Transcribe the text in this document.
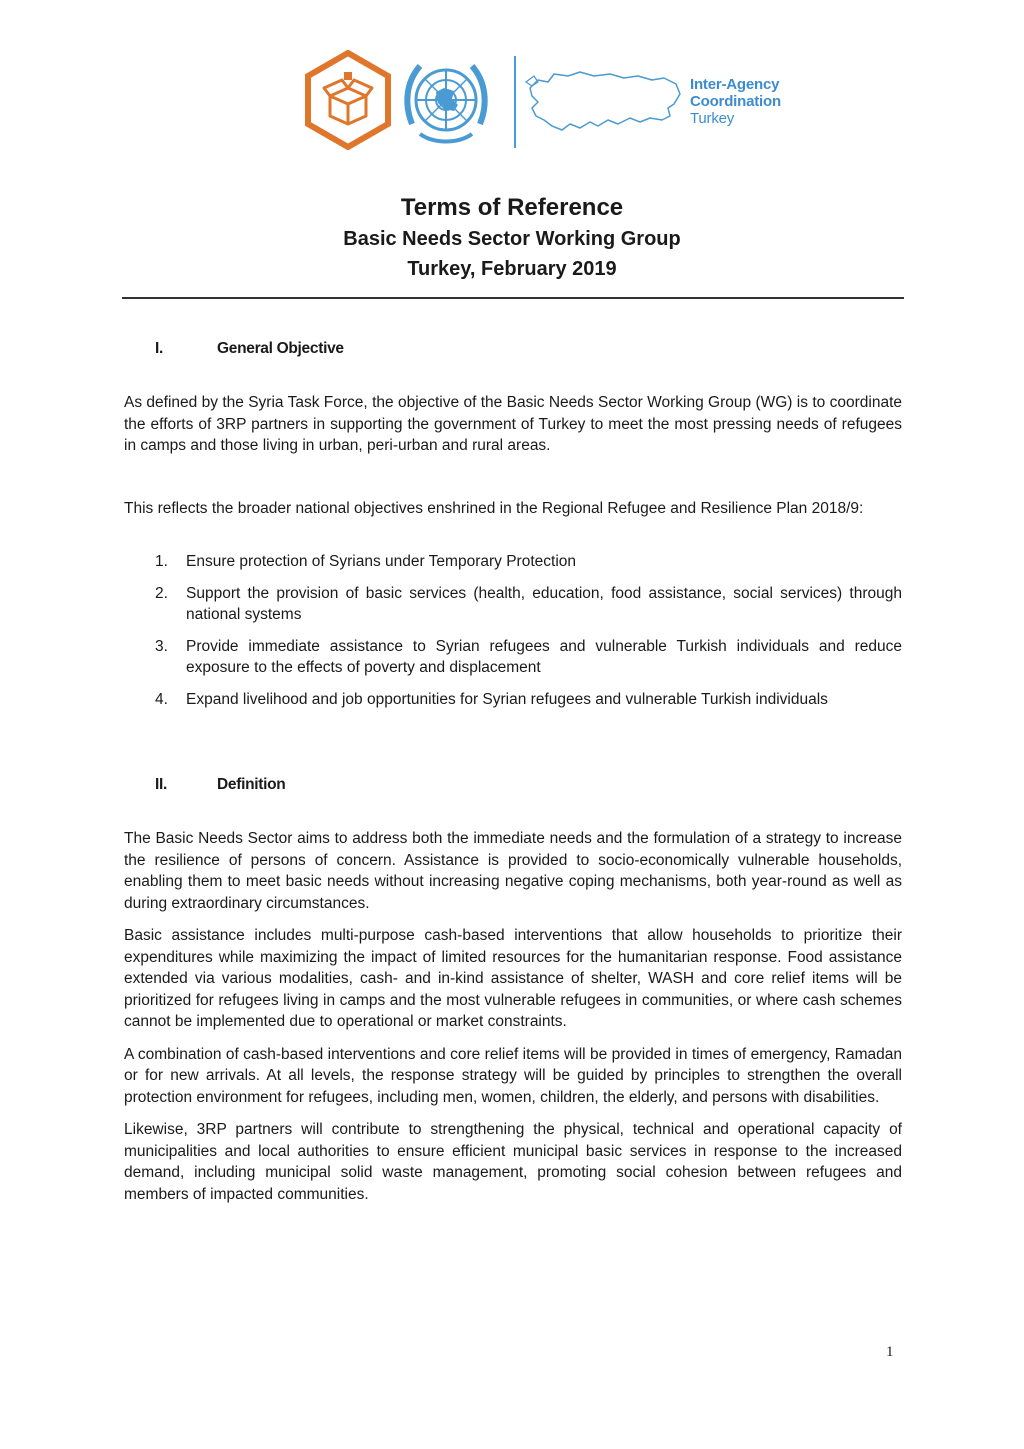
Inter-Agency
Coordination
Turkey
Terms of Reference
Basic Needs Sector Working Group
Turkey, February 2019
I.	General Objective

As defined by the Syria Task Force, the objective of the Basic Needs Sector Working Group (WG) is to coordinate the efforts of 3RP partners in supporting the government of Turkey to meet the most pressing needs of refugees in camps and those living in urban, peri-urban and rural areas.

This reflects the broader national objectives enshrined in the Regional Refugee and Resilience Plan 2018/9:

1. Ensure protection of Syrians under Temporary Protection
2. Support the provision of basic services (health, education, food assistance, social services) through national systems
3. Provide immediate assistance to Syrian refugees and vulnerable Turkish individuals and reduce exposure to the effects of poverty and displacement
4. Expand livelihood and job opportunities for Syrian refugees and vulnerable Turkish individuals
II.	Definition

The Basic Needs Sector aims to address both the immediate needs and the formulation of a strategy to increase the resilience of persons of concern. Assistance is provided to socio-economically vulnerable households, enabling them to meet basic needs without increasing negative coping mechanisms, both year-round as well as during extraordinary circumstances.

Basic assistance includes multi-purpose cash-based interventions that allow households to prioritize their expenditures while maximizing the impact of limited resources for the humanitarian response. Food assistance extended via various modalities, cash- and in-kind assistance of shelter, WASH and core relief items will be prioritized for refugees living in camps and the most vulnerable refugees in communities, or where cash schemes cannot be implemented due to operational or market constraints.

A combination of cash-based interventions and core relief items will be provided in times of emergency, Ramadan or for new arrivals. At all levels, the response strategy will be guided by principles to strengthen the overall protection environment for refugees, including men, women, children, the elderly, and persons with disabilities.

Likewise, 3RP partners will contribute to strengthening the physical, technical and operational capacity of municipalities and local authorities to ensure efficient municipal basic services in response to the increased demand, including municipal solid waste management, promoting social cohesion between refugees and members of impacted communities.

1
